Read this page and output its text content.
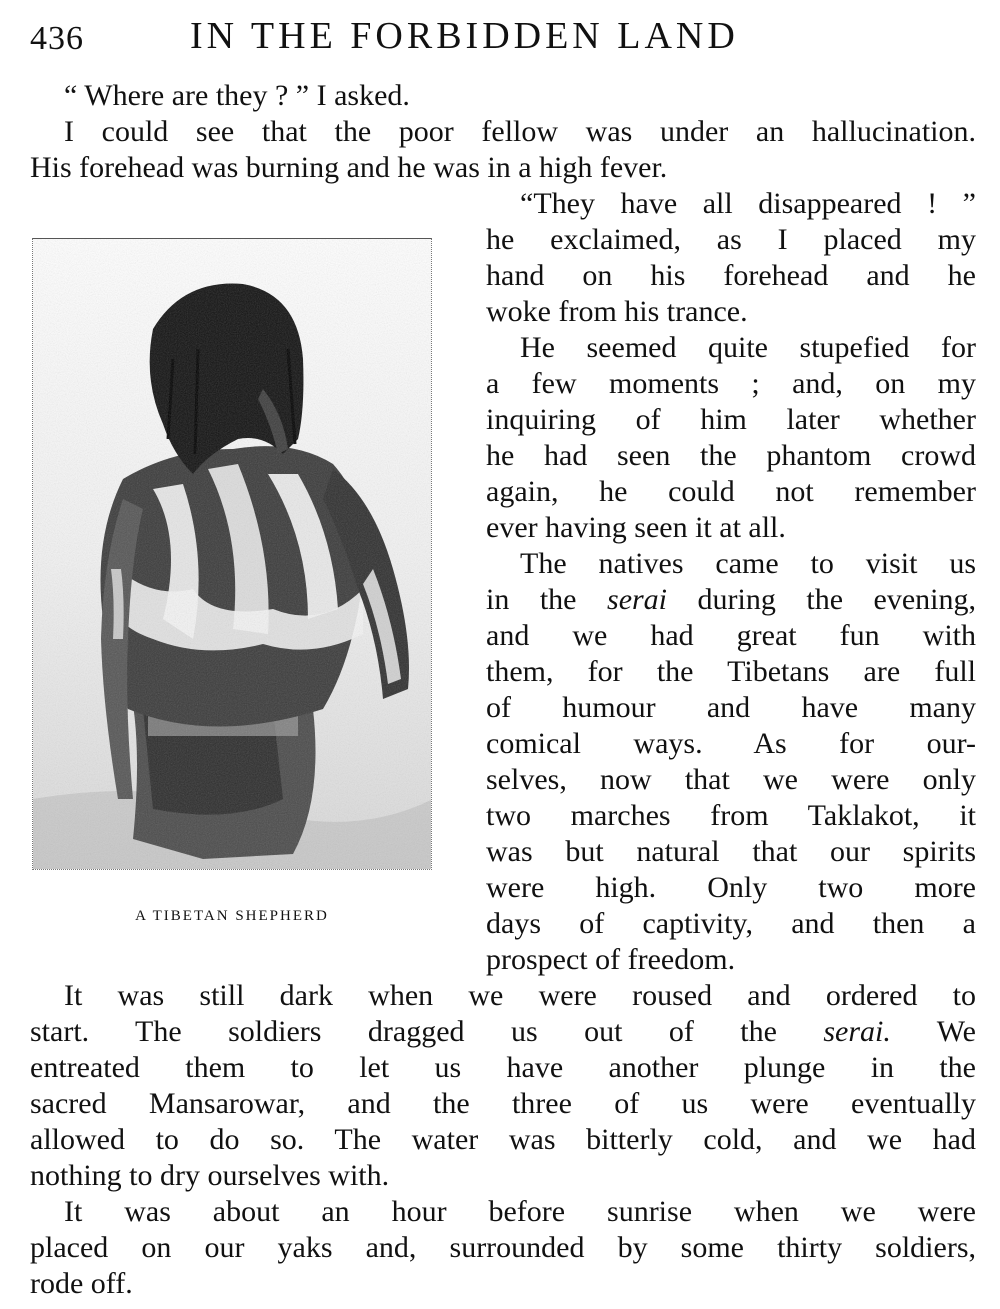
436	IN THE FORBIDDEN LAND
“ Where are they ? ” I asked.
I could see that the poor fellow was under an hallucination.
His forehead was burning and he was in a high fever.
“They have all disappeared ! ”
he exclaimed, as I placed my
hand on his forehead and he
woke from his trance.
He seemed quite stupefied for
a few moments ; and, on my
inquiring of him later whether
he had seen the phantom crowd
again, he could not remember
ever having seen it at all.
The natives came to visit us
in the serai during the evening,
and we had great fun with
them, for the Tibetans are full
of humour and have many
comical ways. As for our-
selves, now that we were only
two marches from Taklakot, it
was but natural that our spirits
were high. Only two more
days of captivity, and then a
prospect of freedom.
It was still dark when we were roused and ordered to
start. The soldiers dragged us out of the serai. We
entreated them to let us have another plunge in the
sacred Mansarowar, and the three of us were eventually
allowed to do so. The water was bitterly cold, and we had
nothing to dry ourselves with.
It was about an hour before sunrise when we were
placed on our yaks and, surrounded by some thirty soldiers,
rode off.
A TIBETAN SHEPHERD
